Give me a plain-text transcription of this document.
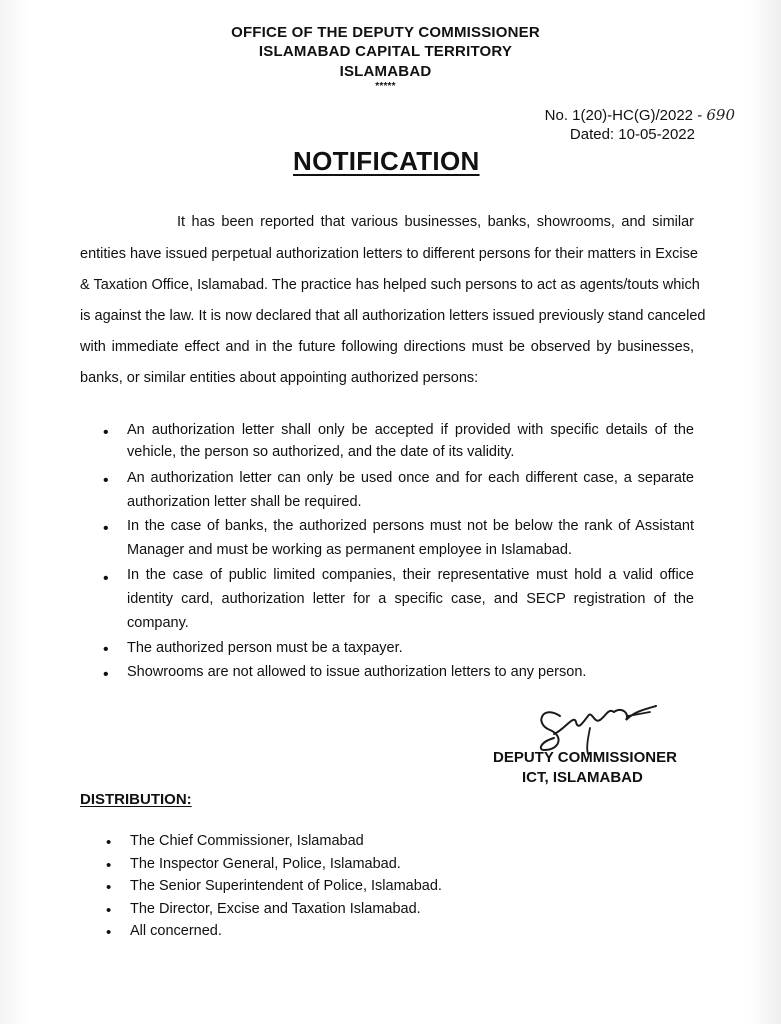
OFFICE OF THE DEPUTY COMMISSIONER
ISLAMABAD CAPITAL TERRITORY
ISLAMABAD
*****
No. 1(20)-HC(G)/2022 - 690
Dated: 10-05-2022
NOTIFICATION
It has been reported that various businesses, banks, showrooms, and similar
entities have issued perpetual authorization letters to different persons for their matters in Excise
& Taxation Office, Islamabad. The practice has helped such persons to act as agents/touts which
is against the law. It is now declared that all authorization letters issued previously stand canceled
with immediate effect and in the future following directions must be observed by businesses,
banks, or similar entities about appointing authorized persons:
• An authorization letter shall only be accepted if provided with specific details of the
vehicle, the person so authorized, and the date of its validity.
• An authorization letter can only be used once and for each different case, a separate
authorization letter shall be required.
• In the case of banks, the authorized persons must not be below the rank of Assistant
Manager and must be working as permanent employee in Islamabad.
• In the case of public limited companies, their representative must hold a valid office
identity card, authorization letter for a specific case, and SECP registration of the
company.
• The authorized person must be a taxpayer.
• Showrooms are not allowed to issue authorization letters to any person.
DEPUTY COMMISSIONER
ICT, ISLAMABAD
DISTRIBUTION:
• The Chief Commissioner, Islamabad
• The Inspector General, Police, Islamabad.
• The Senior Superintendent of Police, Islamabad.
• The Director, Excise and Taxation Islamabad.
• All concerned.
